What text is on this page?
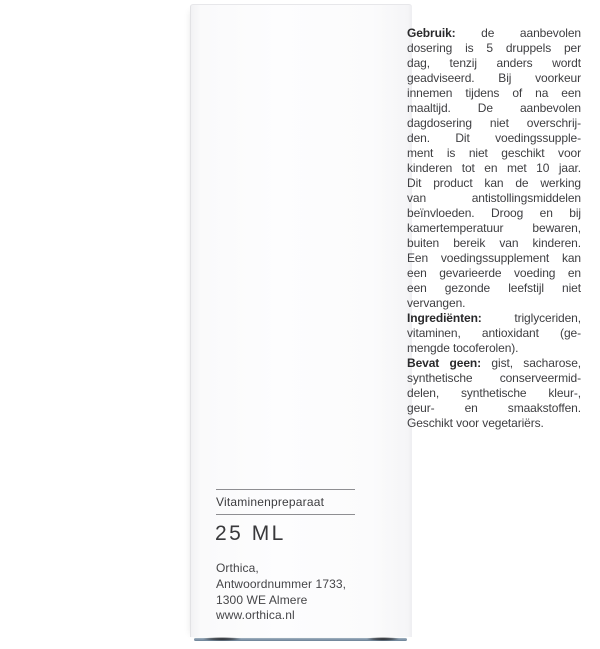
Gebruik: de aanbevolen
dosering is 5 druppels per
dag, tenzij anders wordt
geadviseerd. Bij voorkeur
innemen tijdens of na een
maaltijd. De aanbevolen
dagdosering niet overschrij-
den. Dit voedingssupple-
ment is niet geschikt voor
kinderen tot en met 10 jaar.
Dit product kan de werking
van antistollingsmiddelen
beïnvloeden. Droog en bij
kamertemperatuur bewaren,
buiten bereik van kinderen.
Een voedingssupplement kan
een gevarieerde voeding en
een gezonde leefstijl niet
vervangen.
Ingrediënten: triglyceriden,
vitaminen, antioxidant (ge-
mengde tocoferolen).
Bevat geen: gist, sacharose,
synthetische conserveermid-
delen, synthetische kleur-,
geur- en smaakstoffen.
Geschikt voor vegetariërs.
Vitaminenpreparaat
25 ML
Orthica,
Antwoordnummer 1733,
1300 WE Almere
www.orthica.nl
